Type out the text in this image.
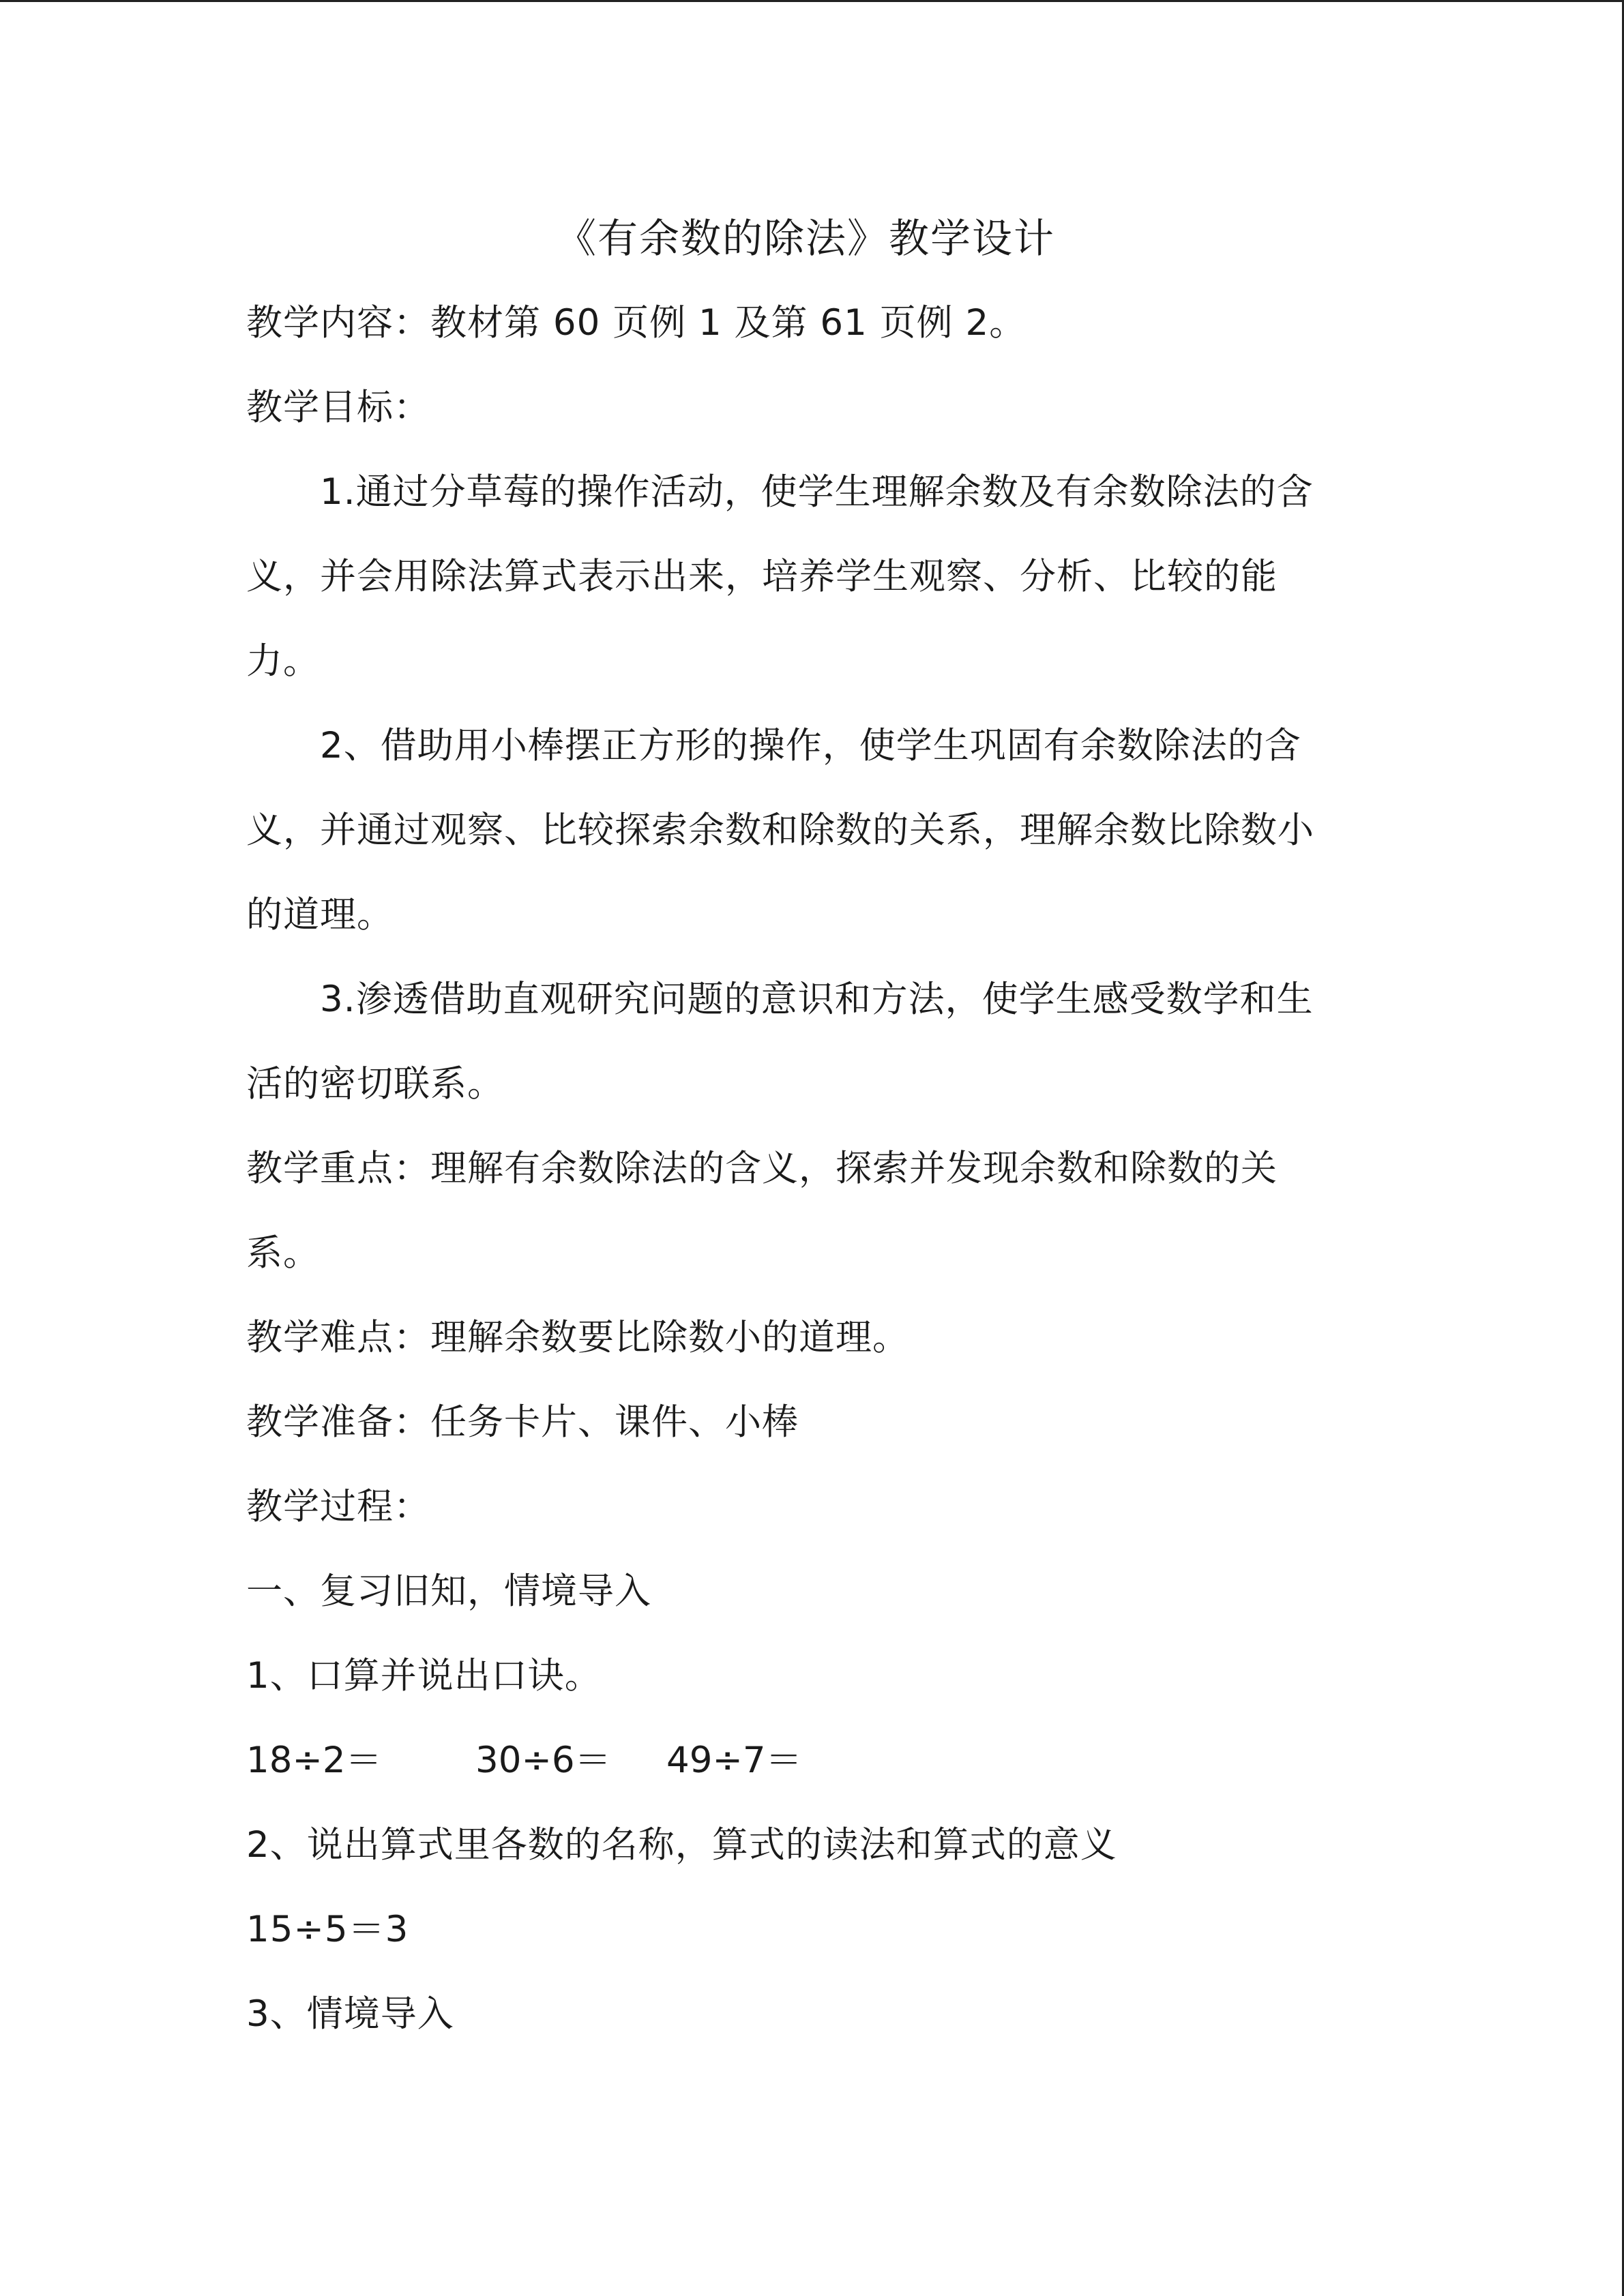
《有余数的除法》教学设计
教学内容：教材第 60 页例 1 及第 61 页例 2。
教学目标：
1.通过分草莓的操作活动，使学生理解余数及有余数除法的含
义，并会用除法算式表示出来，培养学生观察、分析、比较的能
力。
2、借助用小棒摆正方形的操作，使学生巩固有余数除法的含
义，并通过观察、比较探索余数和除数的关系，理解余数比除数小
的道理。
3.渗透借助直观研究问题的意识和方法，使学生感受数学和生
活的密切联系。
教学重点：理解有余数除法的含义，探索并发现余数和除数的关
系。
教学难点：理解余数要比除数小的道理。
教学准备：任务卡片、课件、小棒
教学过程：
一、复习旧知，情境导入
1、口算并说出口诀。
18÷2＝	30÷6＝ 49÷7＝
2、说出算式里各数的名称，算式的读法和算式的意义
15÷5＝3
3、情境导入
